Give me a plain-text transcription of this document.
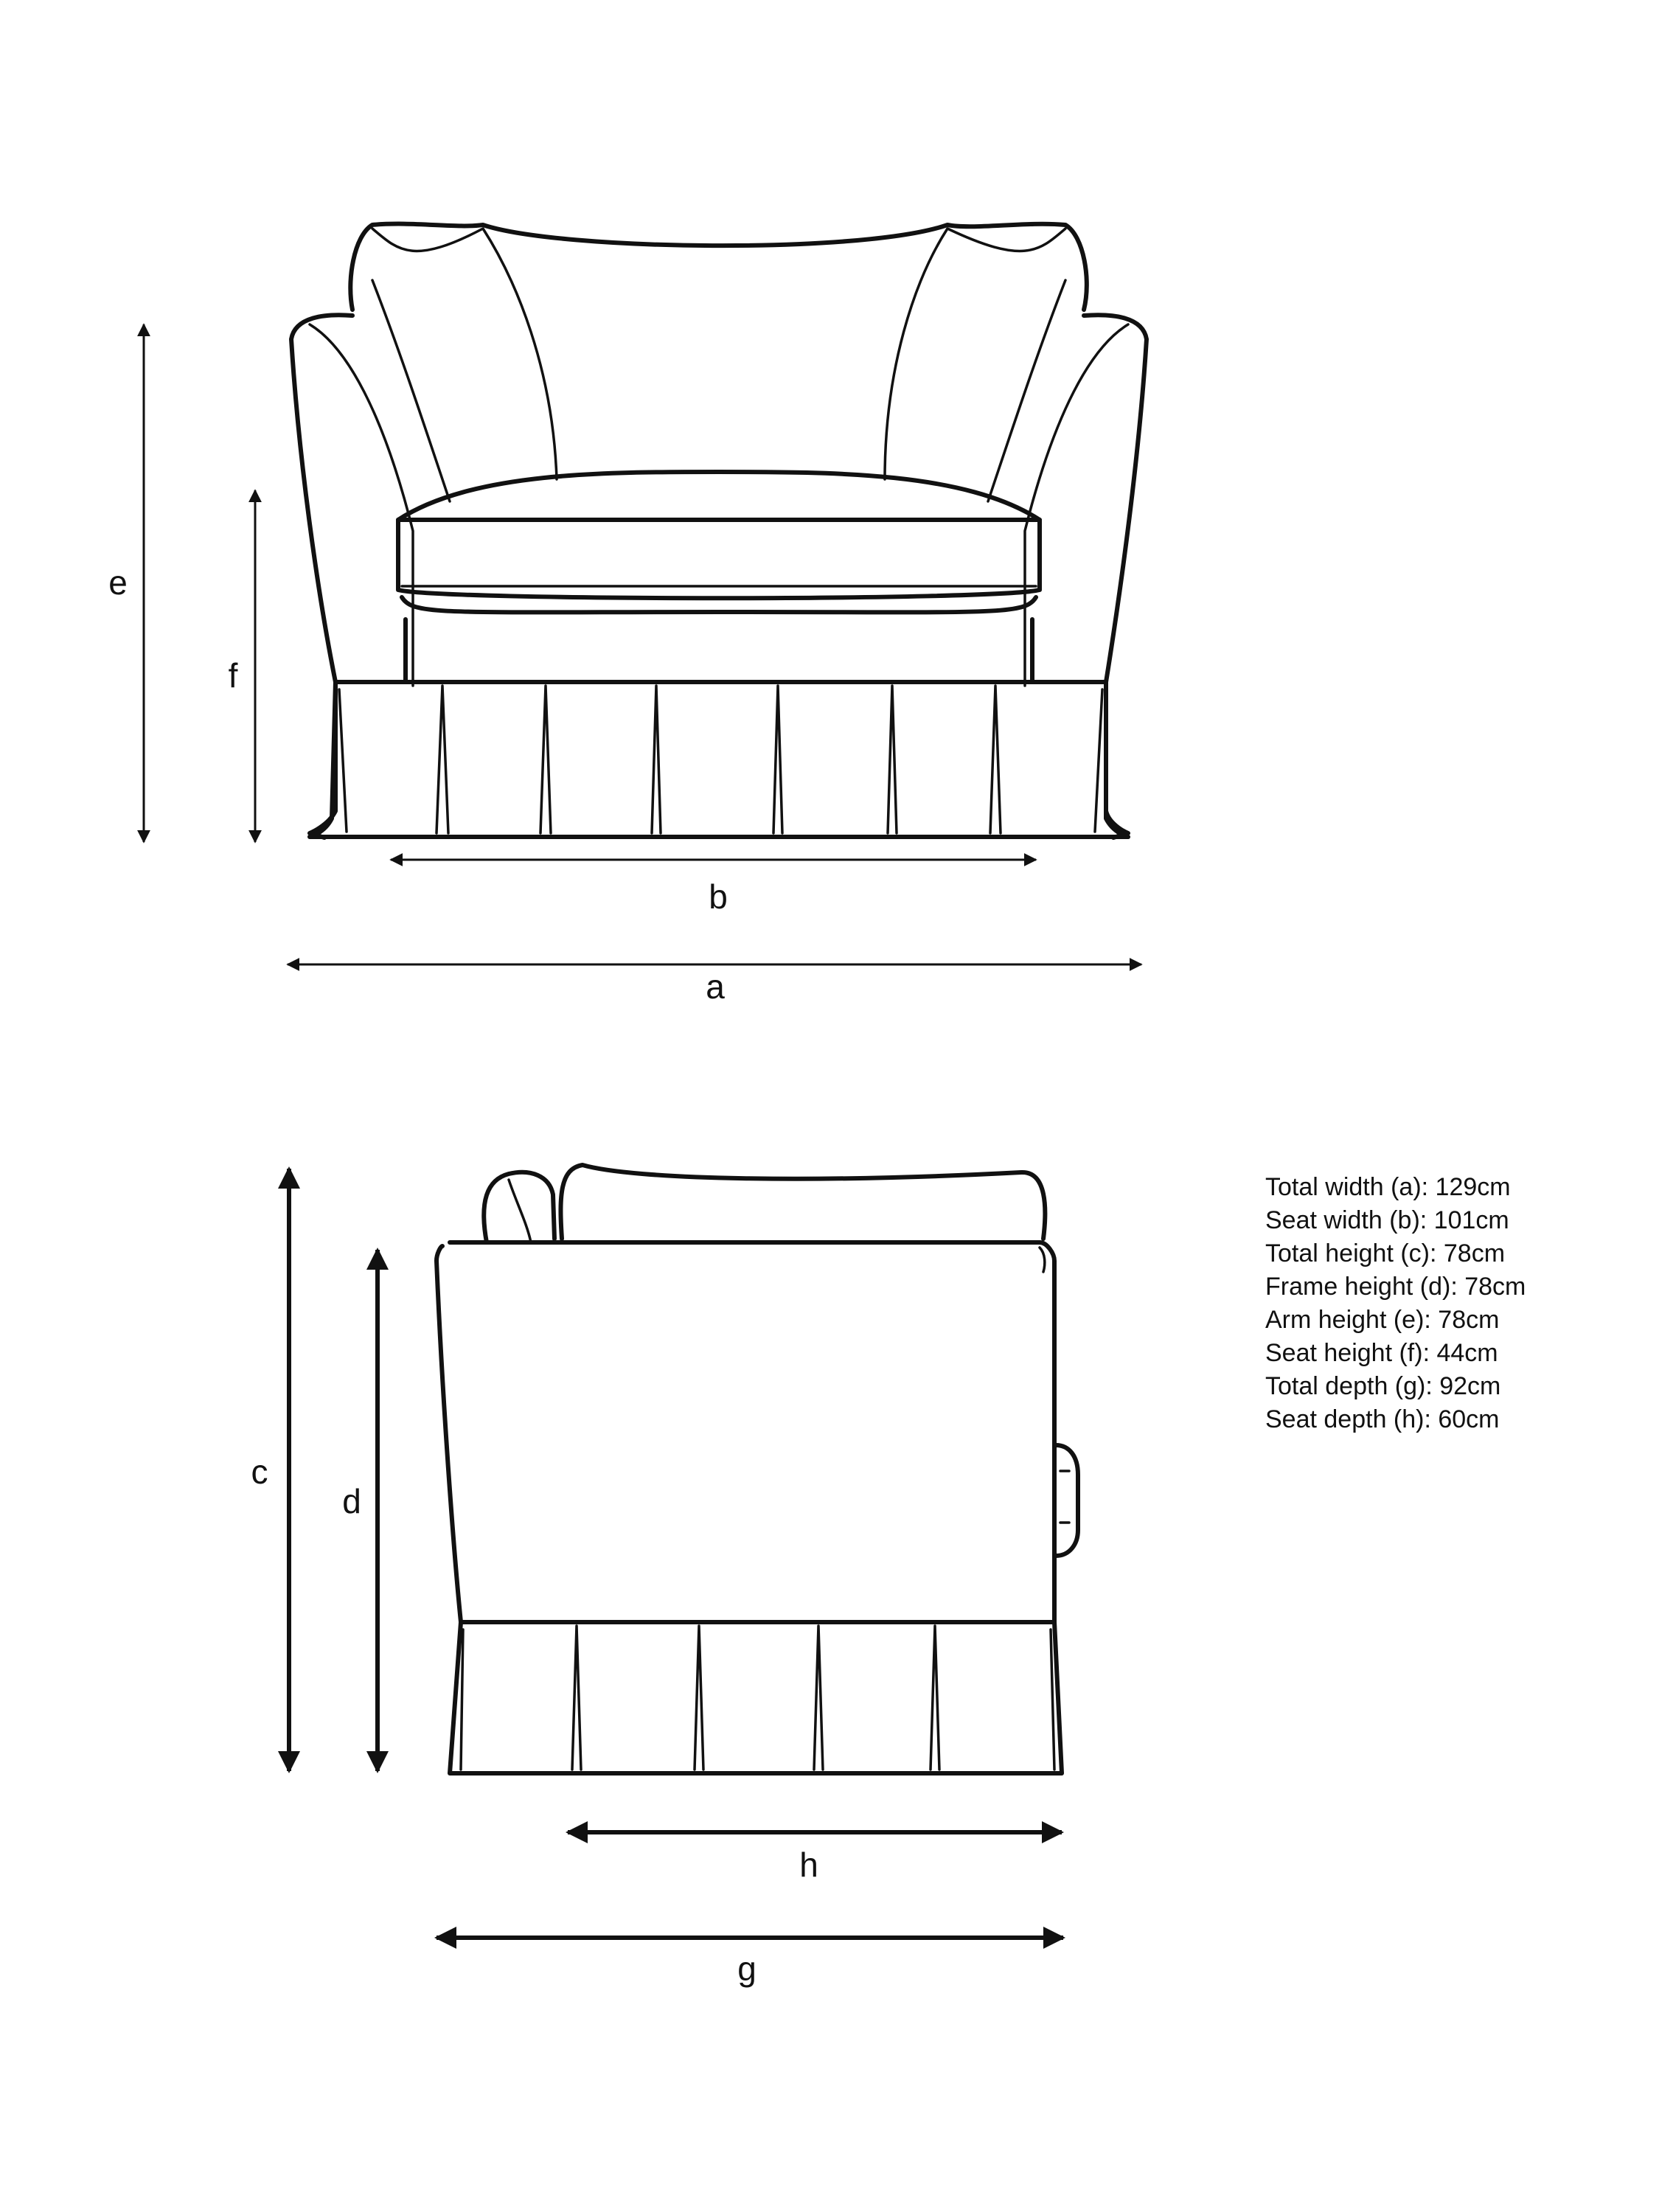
e
f
b
a
c
d
h
g
Total width (a): 129cm
Seat width (b): 101cm
Total height (c): 78cm
Frame height (d): 78cm
Arm height (e): 78cm
Seat height (f): 44cm
Total depth (g): 92cm
Seat depth (h): 60cm
